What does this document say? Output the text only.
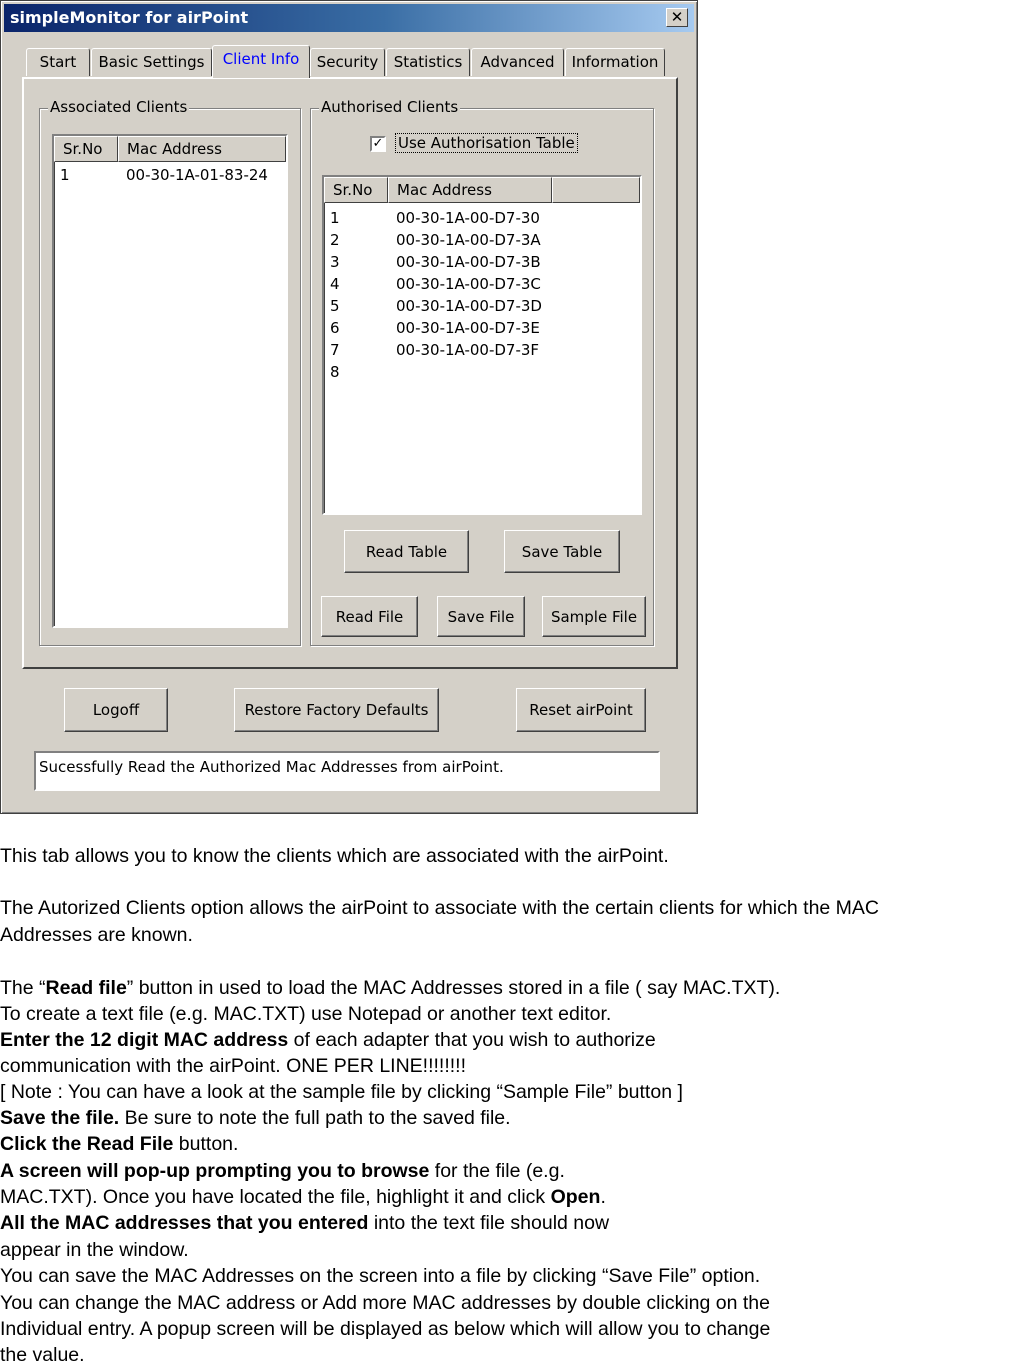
simpleMonitor for airPoint	✕
Start	Basic Settings	Client Info	Security	Statistics	Advanced	Information
Associated Clients
Sr.No	Mac Address
1	00-30-1A-01-83-24
Authorised Clients
✓ Use Authorisation Table
Sr.No	Mac Address
1	00-30-1A-00-D7-30
2	00-30-1A-00-D7-3A
3	00-30-1A-00-D7-3B
4	00-30-1A-00-D7-3C
5	00-30-1A-00-D7-3D
6	00-30-1A-00-D7-3E
7	00-30-1A-00-D7-3F
8
Read Table	Save Table
Read File	Save File	Sample File
Logoff	Restore Factory Defaults	Reset airPoint
Sucessfully Read the Authorized Mac Addresses from airPoint.
This tab allows you to know the clients which are associated with the airPoint.
The Autorized Clients option allows the airPoint to associate with the certain clients for which the MAC
Addresses are known.
The “Read file” button in used to load the MAC Addresses stored in a file ( say MAC.TXT).
To create a text file (e.g. MAC.TXT) use Notepad or another text editor.
Enter the 12 digit MAC address of each adapter that you wish to authorize
communication with the airPoint. ONE PER LINE!!!!!!!!
[ Note : You can have a look at the sample file by clicking “Sample File” button ]
Save the file. Be sure to note the full path to the saved file.
Click the Read File button.
A screen will pop-up prompting you to browse for the file (e.g.
MAC.TXT). Once you have located the file, highlight it and click Open.
All the MAC addresses that you entered into the text file should now
appear in the window.
You can save the MAC Addresses on the screen into a file by clicking “Save File” option.
You can change the MAC address or Add more MAC addresses by double clicking on the
Individual entry. A popup screen will be displayed as below which will allow you to change
the value.
